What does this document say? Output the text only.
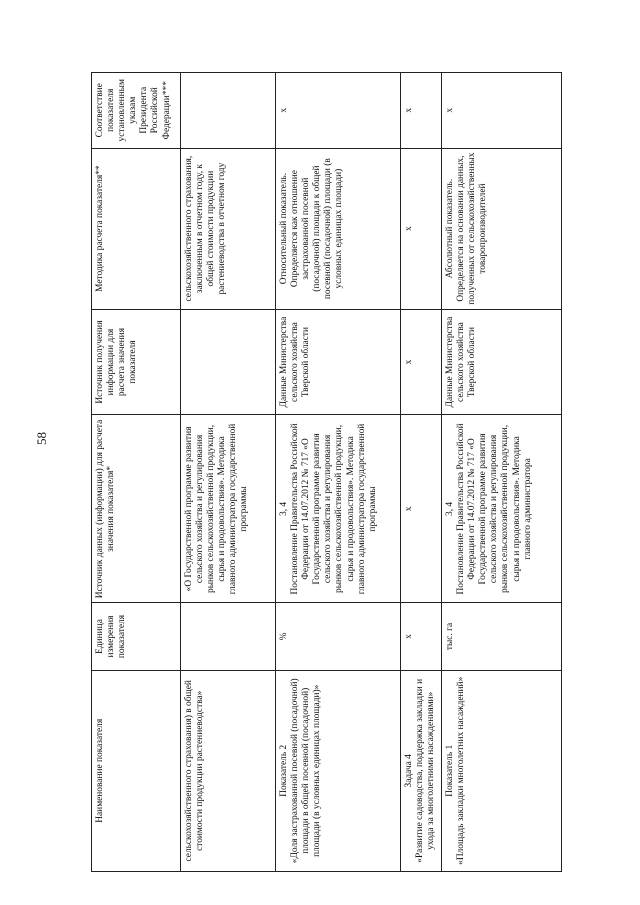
58
Наименование показателя	Единица измерения показателя	Источник данных (информации) для расчета значения показателя*	Источник получения информации для расчета значения показателя	Методика расчета показателя**	Соответствие показателя установленным указам Президента Российской Федерации***
сельскохозяйственного страхования) в общей стоимости продукции растениеводства»		«О Государственной программе развития сельского хозяйства и регулирования рынков сельскохозяйственной продукции, сырья и продовольствия». Методика главного администратора государственной программы		сельскохозяйственного страхования, заключенным в отчетном году, к общей стоимости продукции растениеводства в отчетном году	

Показатель 2 «Доля застрахованной посевной (посадочной) площади в общей посевной (посадочной) площади (в условных единицах площади)»	%	3, 4 Постановление Правительства Российской Федерации от 14.07.2012 № 717 «О Государственной программе развития сельского хозяйства и регулирования рынков сельскохозяйственной продукции, сырья и продовольствия». Методика главного администратора государственной программы	Данные Министерства сельского хозяйства Тверской области	Относительный показатель. Определяется как отношение застрахованной посевной (посадочной) площади к общей посевной (посадочной) площади (в условных единицах площади)	x

Задача 4 «Развитие садоводства, поддержка закладки и ухода за многолетними насаждениями»	x	x	x	x	x

Показатель 1 «Площадь закладки многолетних насаждений»	тыс. га	3, 4 Постановление Правительства Российской Федерации от 14.07.2012 № 717 «О Государственной программе развития сельского хозяйства и регулирования рынков сельскохозяйственной продукции, сырья и продовольствия». Методика главного администратора	Данные Министерства сельского хозяйства Тверской области	Абсолютный показатель. Определяется на основании данных, полученных от сельскохозяйственных товаропроизводителей	x
